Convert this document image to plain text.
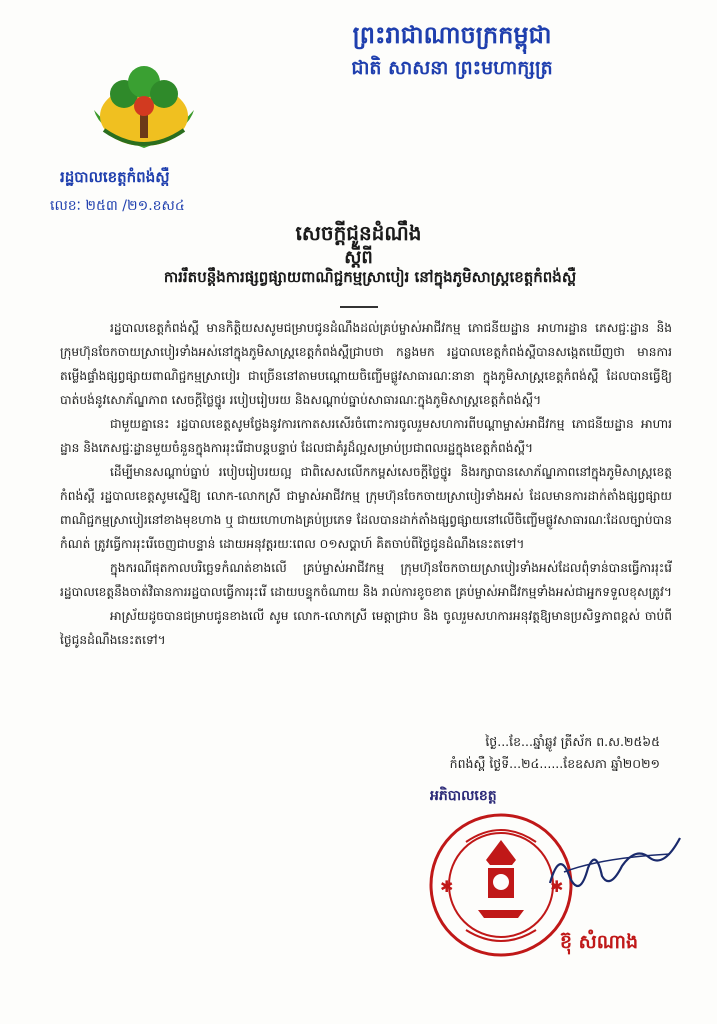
ព្រះរាជាណាចក្រកម្ពុជា
ជាតិ សាសនា ព្រះមហាក្សត្រ
រដ្ឋបាលខេត្តកំពង់ស្ពឺ
លេខៈ ២៥៣ /២១.ខស៤
សេចក្ដីជូនដំណឹង
ស្ដីពី
ការរឹតបន្តឹងការផ្សព្វផ្សាយពាណិជ្ជកម្មស្រាបៀរ នៅក្នុងភូមិសាស្ត្រខេត្តកំពង់ស្ពឺ

រដ្ឋបាលខេត្តកំពង់ស្ពឺ មានកិត្តិយសសូមជម្រាបជូនដំណឹងដល់គ្រប់ម្ចាស់អាជីវកម្ម ភោជនីយដ្ឋាន អាហារដ្ឋាន ភេសជ្ជៈដ្ឋាន និងក្រុមហ៊ុនចែកចាយស្រាបៀរទាំងអស់នៅក្នុងភូមិសាស្ត្រខេត្តកំពង់ស្ពឺជ្រាបថា កន្លងមក រដ្ឋបាលខេត្តកំពង់ស្ពឺបានសង្កេតឃើញថា មានការតម្លើងផ្ទាំងផ្សព្វផ្សាយពាណិជ្ជកម្មស្រាបៀរ ជាច្រើននៅតាមបណ្ដោយចិញ្ចើមផ្លូវសាធារណៈនានា ក្នុងភូមិសាស្ត្រខេត្តកំពង់ស្ពឺ ដែលបានធ្វើឱ្យបាត់បង់នូវសោភ័ណ្ឌភាព សេចក្ដីថ្លៃថ្នូរ របៀបរៀបរយ និងសណ្ដាប់ធ្នាប់សាធារណៈក្នុងភូមិសាស្ត្រខេត្តកំពង់ស្ពឺ។

ជាមួយគ្នានេះ រដ្ឋបាលខេត្តសូមថ្លែងនូវការកោតសរសើរចំពោះការចូលរួមសហការពីបណ្ដាម្ចាស់អាជីវកម្ម ភោជនីយដ្ឋាន អាហារដ្ឋាន និងភេសជ្ជៈដ្ឋានមួយចំនួនក្នុងការរុះរើជាបន្តបន្ទាប់ ដែលជាគំរូដ៏ល្អសម្រាប់ប្រជាពលរដ្ឋក្នុងខេត្តកំពង់ស្ពឺ។

ដើម្បីមានសណ្ដាប់ធ្នាប់ របៀបរៀបរយល្អ ជាពិសេសលើកកម្ពស់សេចក្ដីថ្លៃថ្នូរ និងរក្សាបានសោភ័ណ្ឌភាពនៅក្នុងភូមិសាស្ត្រខេត្តកំពង់ស្ពឺ រដ្ឋបាលខេត្តសូមស្នើឱ្យ លោក-លោកស្រី ជាម្ចាស់អាជីវកម្ម ក្រុមហ៊ុនចែកចាយស្រាបៀរទាំងអស់ ដែលមានការដាក់តាំងផ្សព្វផ្សាយពាណិជ្ជកម្មស្រាបៀរនៅខាងមុខហាង ឬ ជាយហោហាងគ្រប់ប្រភេទ ដែលបានដាក់តាំងផ្សព្វផ្សាយនៅលើចិញ្ចើមផ្លូវសាធារណៈដែលច្បាប់បានកំណត់ ត្រូវធ្វើការរុះរើចេញជាបន្ទាន់ ដោយអនុវត្តរយៈពេល ០១សប្ដាហ៍ គិតចាប់ពីថ្ងៃជូនដំណឹងនេះតទៅ។

ក្នុងករណីផុតកាលបរិច្ឆេទកំណត់ខាងលើ គ្រប់ម្ចាស់អាជីវកម្ម ក្រុមហ៊ុនចែកចាយស្រាបៀរទាំងអស់ដែលពុំទាន់បានធ្វើការរុះរើ រដ្ឋបាលខេត្តនឹងចាត់វិធានការរដ្ឋបាលធ្វើការរុះរើ ដោយបន្ទុកចំណាយ និង រាល់ការខូចខាត គ្រប់ម្ចាស់អាជីវកម្មទាំងអស់ជាអ្នកទទួលខុសត្រូវ។

អាស្រ័យដូចបានជម្រាបជូនខាងលើ សូម លោក-លោកស្រី មេត្តាជ្រាប និង ចូលរួមសហការអនុវត្តឱ្យមានប្រសិទ្ធភាពខ្ពស់ ចាប់ពីថ្ងៃជូនដំណឹងនេះតទៅ។

ថ្ងៃ...ខែ...ឆ្នាំឆ្លូវ ត្រីស័ក ព.ស.២៥៦៥
កំពង់ស្ពឺ ថ្ងៃទី...២៤......ខែឧសភា ឆ្នាំ២០២១
អភិបាលខេត្ត
✱	✱
ខ៊ុ សំណាង
